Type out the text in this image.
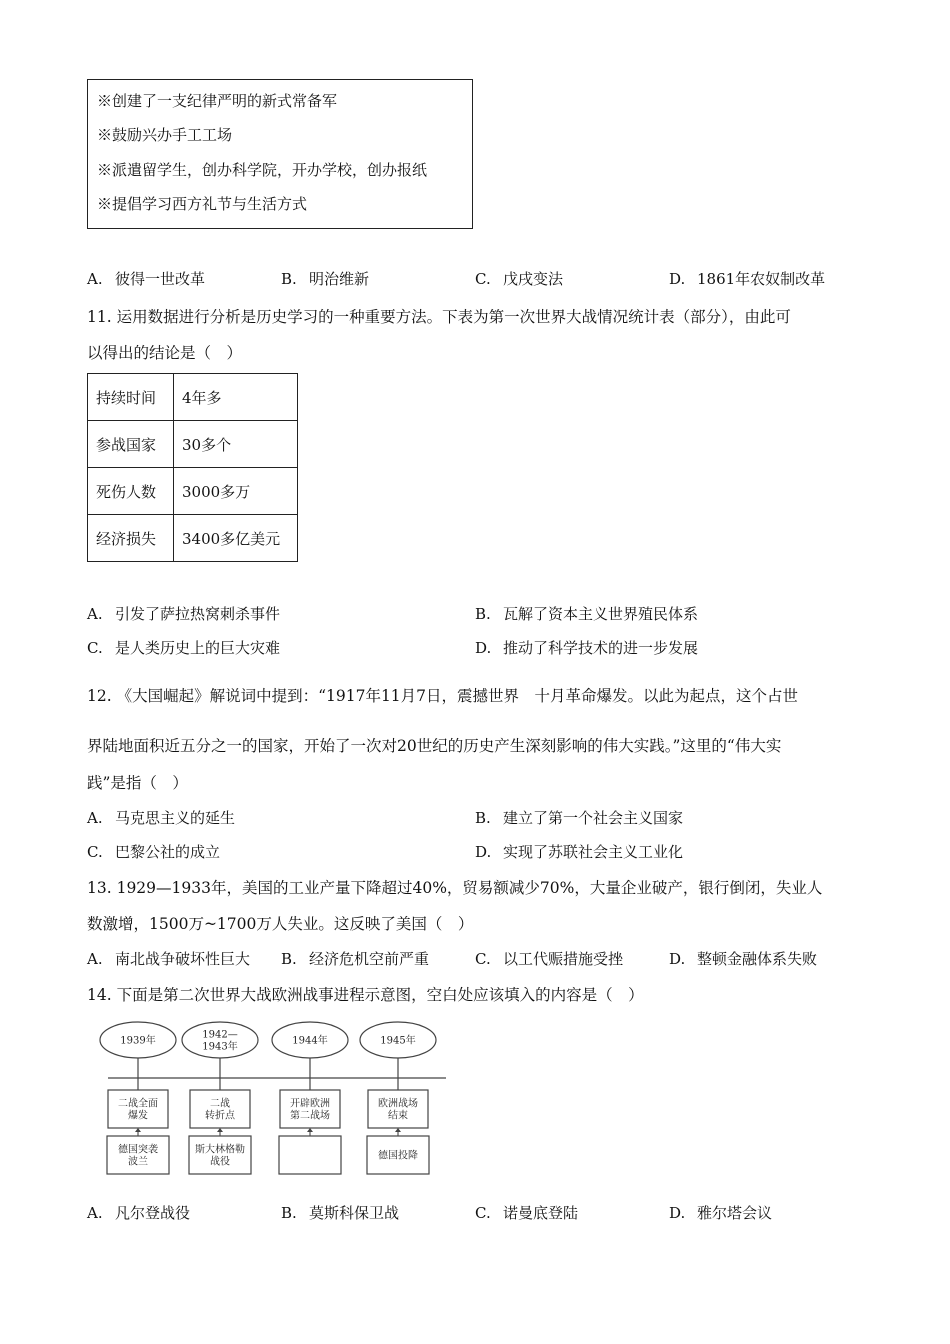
※创建了一支纪律严明的新式常备军
※鼓励兴办手工工场
※派遣留学生，创办科学院，开办学校，创办报纸
※提倡学习西方礼节与生活方式
A. 彼得一世改革	B. 明治维新	C. 戊戌变法	D. 1861年农奴制改革
11. 运用数据进行分析是历史学习的一种重要方法。下表为第一次世界大战情况统计表（部分），由此可
以得出的结论是（　）
持续时间	4年多
参战国家	30多个
死伤人数	3000多万
经济损失	3400多亿美元
A. 引发了萨拉热窝刺杀事件	B. 瓦解了资本主义世界殖民体系
C. 是人类历史上的巨大灾难	D. 推动了科学技术的进一步发展
12. 《大国崛起》解说词中提到：“1917年11月7日，震撼世界　十月革命爆发。以此为起点，这个占世
界陆地面积近五分之一的国家，开始了一次对20世纪的历史产生深刻影响的伟大实践。”这里的“伟大实
践”是指（　）
A. 马克思主义的延生	B. 建立了第一个社会主义国家
C. 巴黎公社的成立	D. 实现了苏联社会主义工业化
13. 1929—1933年，美国的工业产量下降超过40%，贸易额减少70%，大量企业破产，银行倒闭，失业人
数激增，1500万~1700万人失业。这反映了美国（　）
A. 南北战争破坏性巨大 B. 经济危机空前严重	C. 以工代赈措施受挫	D. 整顿金融体系失败
14. 下面是第二次世界大战欧洲战事进程示意图，空白处应该填入的内容是（　）
1939年
二战全面
爆发
德国突袭
波兰
1942—
1943年
二战
转折点
斯大林格勒
战役
1944年
开辟欧洲
第二战场
1945年
欧洲战场
结束
德国投降
A. 凡尔登战役	B. 莫斯科保卫战	C. 诺曼底登陆	D. 雅尔塔会议
